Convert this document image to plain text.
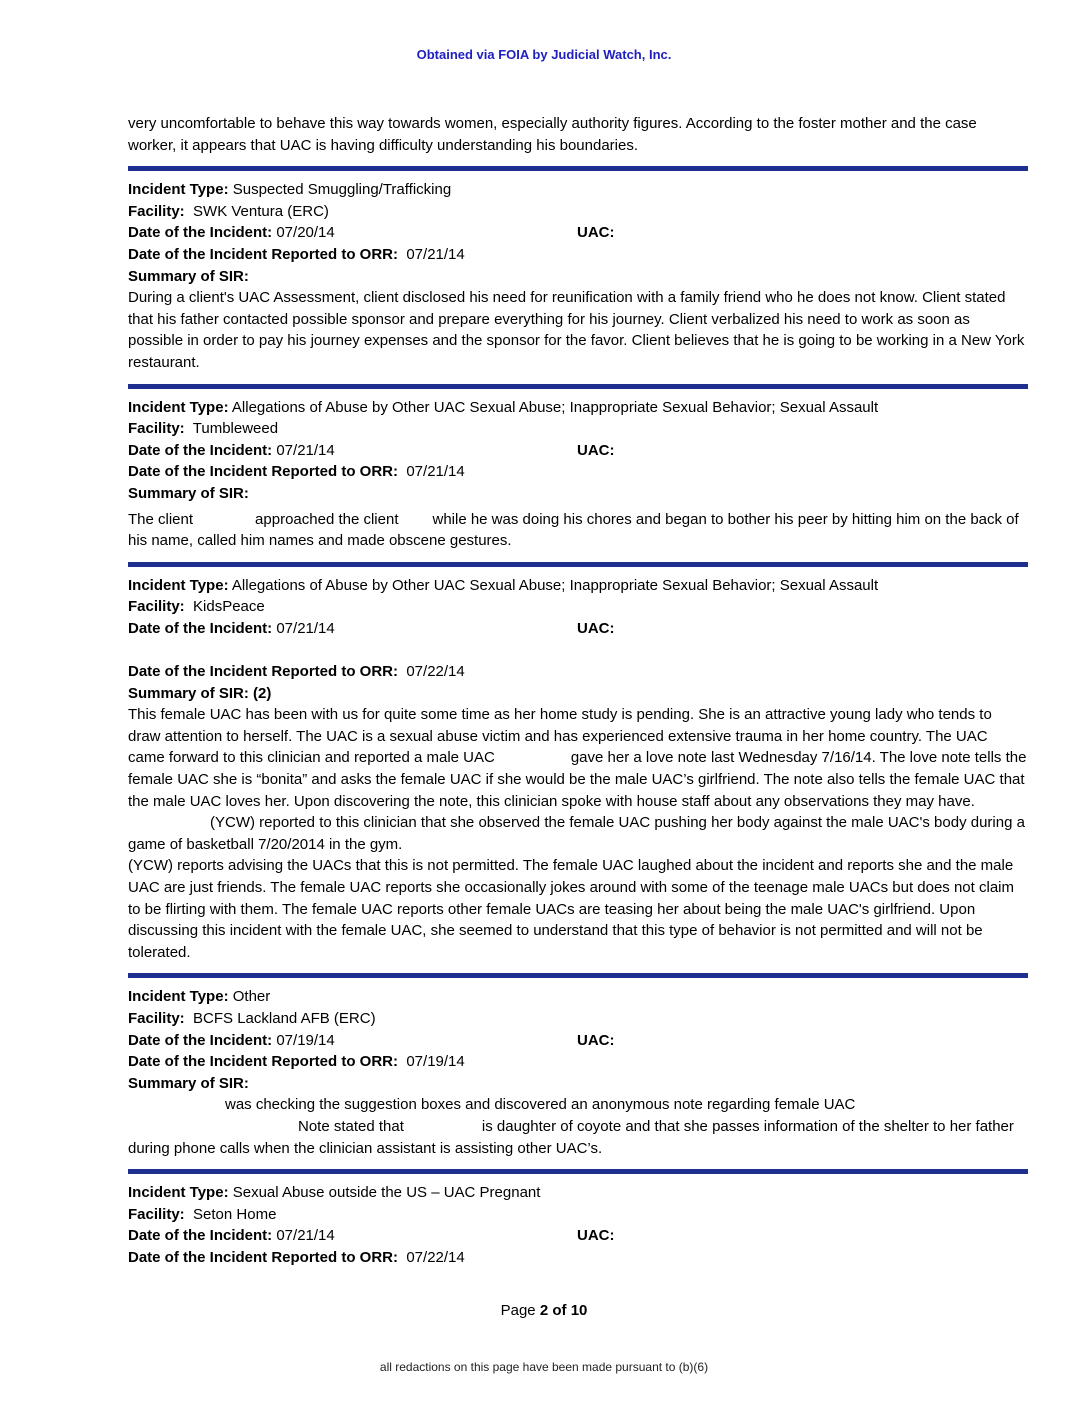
Obtained via FOIA by Judicial Watch, Inc.

very uncomfortable to behave this way towards women, especially authority figures. According to the foster mother and the case worker, it appears that UAC is having difficulty understanding his boundaries.

Incident Type: Suspected Smuggling/Trafficking
Facility: SWK Ventura (ERC)
Date of the Incident: 07/20/14	UAC:
Date of the Incident Reported to ORR: 07/21/14
Summary of SIR:

During a client's UAC Assessment, client disclosed his need for reunification with a family friend who he does not know. Client stated that his father contacted possible sponsor and prepare everything for his journey. Client verbalized his need to work as soon as possible in order to pay his journey expenses and the sponsor for the favor. Client believes that he is going to be working in a New York restaurant.

Incident Type: Allegations of Abuse by Other UAC Sexual Abuse; Inappropriate Sexual Behavior; Sexual Assault
Facility: Tumbleweed
Date of the Incident: 07/21/14	UAC:
Date of the Incident Reported to ORR: 07/21/14
Summary of SIR:

The client	approached the client while he was doing his chores and began to bother his peer by hitting him on the back of his name, called him names and made obscene gestures.

Incident Type: Allegations of Abuse by Other UAC Sexual Abuse; Inappropriate Sexual Behavior; Sexual Assault
Facility: KidsPeace
Date of the Incident: 07/21/14	UAC:
Date of the Incident Reported to ORR: 07/22/14
Summary of SIR: (2)

This female UAC has been with us for quite some time as her home study is pending. She is an attractive young lady who tends to draw attention to herself. The UAC is a sexual abuse victim and has experienced extensive trauma in her home country. The UAC came forward to this clinician and reported a male UAC	gave her a love note last Wednesday 7/16/14. The love note tells the female UAC she is “bonita” and asks the female UAC if she would be the male UAC’s girlfriend. The note also tells the female UAC that the male UAC loves her. Upon discovering the note, this clinician spoke with house staff about any observations they may have.(YCW) reported to this clinician that she observed the female UAC pushing her body against the male UAC's body during a game of basketball 7/20/2014 in the gym.
(YCW) reports advising the UACs that this is not permitted. The female UAC laughed about the incident and reports she and the male UAC are just friends. The female UAC reports she occasionally jokes around with some of the teenage male UACs but does not claim to be flirting with them. The female UAC reports other female UACs are teasing her about being the male UAC's girlfriend. Upon discussing this incident with the female UAC, she seemed to understand that this type of behavior is not permitted and will not be tolerated.

Incident Type: Other
Facility: BCFS Lackland AFB (ERC)
Date of the Incident: 07/19/14	UAC:
Date of the Incident Reported to ORR: 07/19/14
Summary of SIR:

was checking the suggestion boxes and discovered an anonymous note regarding female UAC
Note stated that	is daughter of coyote and that she passes information of the shelter to her father during phone calls when the clinician assistant is assisting other UAC’s.

Incident Type: Sexual Abuse outside the US – UAC Pregnant
Facility: Seton Home
Date of the Incident: 07/21/14	UAC:
Date of the Incident Reported to ORR: 07/22/14
Page 2 of 10
all redactions on this page have been made pursuant to (b)(6)
